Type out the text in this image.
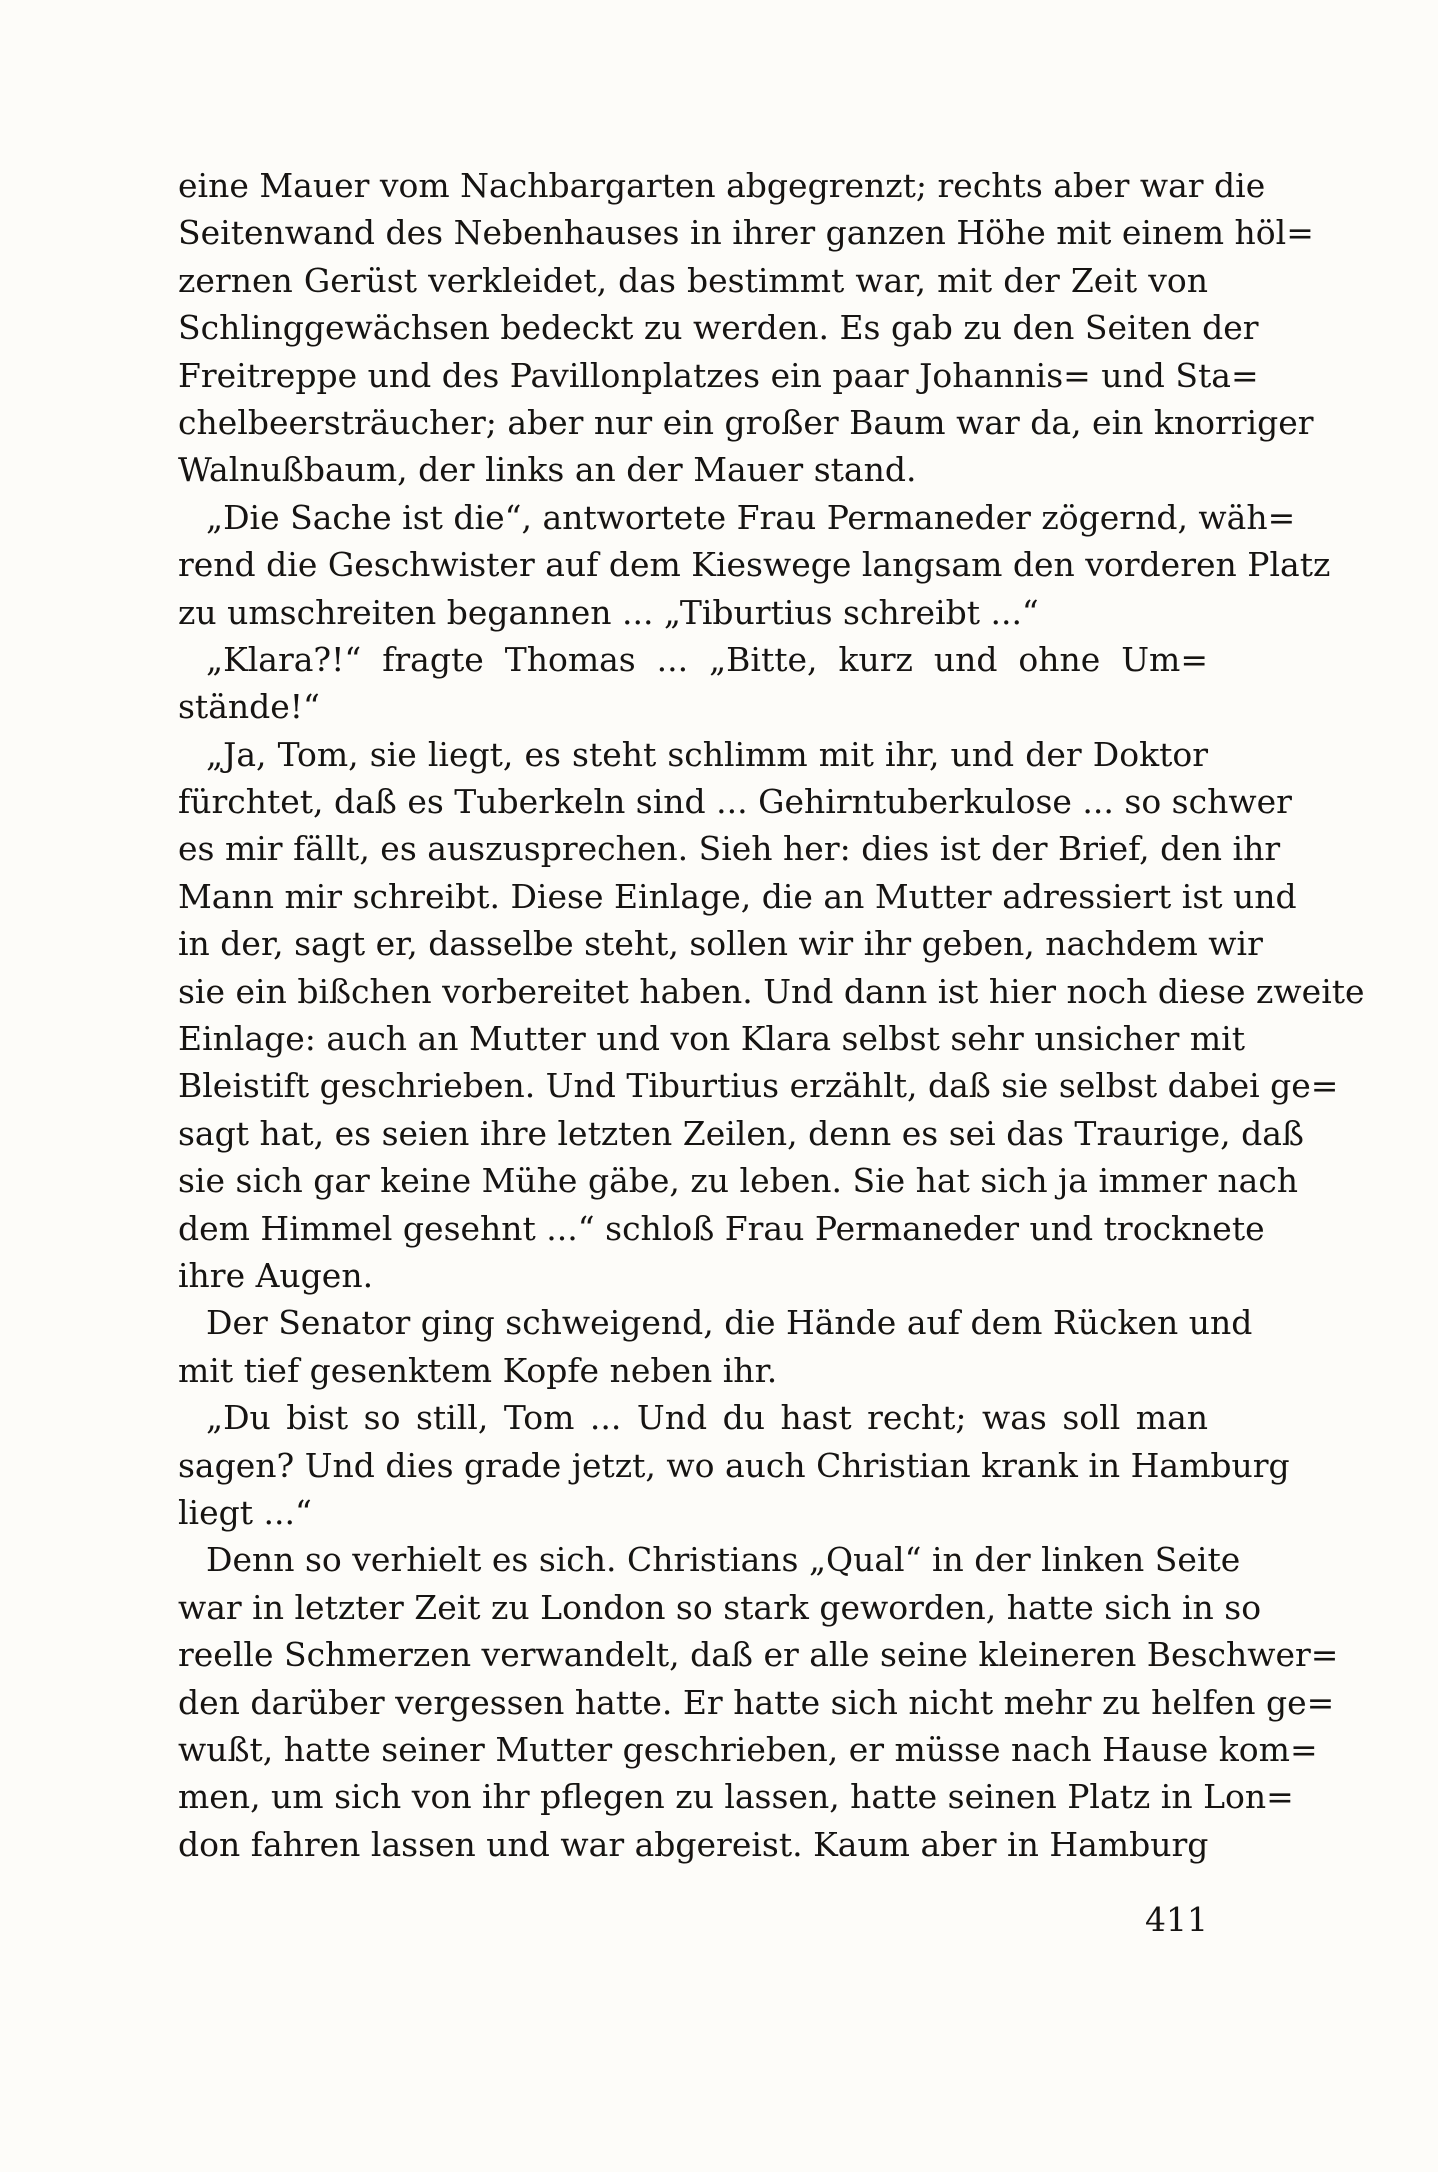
eine Mauer vom Nachbargarten abgegrenzt; rechts aber war die
Seitenwand des Nebenhauses in ihrer ganzen Höhe mit einem höl=
zernen Gerüst verkleidet, das bestimmt war, mit der Zeit von
Schlinggewächsen bedeckt zu werden. Es gab zu den Seiten der
Freitreppe und des Pavillonplatzes ein paar Johannis= und Sta=
chelbeersträucher; aber nur ein großer Baum war da, ein knorriger
Walnußbaum, der links an der Mauer stand.
„Die Sache ist die“, antwortete Frau Permaneder zögernd, wäh=
rend die Geschwister auf dem Kieswege langsam den vorderen Platz
zu umschreiten begannen ... „Tiburtius schreibt ...“
„Klara?!“ fragte Thomas ... „Bitte, kurz und ohne Um=
stände!“
„Ja, Tom, sie liegt, es steht schlimm mit ihr, und der Doktor
fürchtet, daß es Tuberkeln sind ... Gehirntuberkulose ... so schwer
es mir fällt, es auszusprechen. Sieh her: dies ist der Brief, den ihr
Mann mir schreibt. Diese Einlage, die an Mutter adressiert ist und
in der, sagt er, dasselbe steht, sollen wir ihr geben, nachdem wir
sie ein bißchen vorbereitet haben. Und dann ist hier noch diese zweite
Einlage: auch an Mutter und von Klara selbst sehr unsicher mit
Bleistift geschrieben. Und Tiburtius erzählt, daß sie selbst dabei ge=
sagt hat, es seien ihre letzten Zeilen, denn es sei das Traurige, daß
sie sich gar keine Mühe gäbe, zu leben. Sie hat sich ja immer nach
dem Himmel gesehnt ...“ schloß Frau Permaneder und trocknete
ihre Augen.
Der Senator ging schweigend, die Hände auf dem Rücken und
mit tief gesenktem Kopfe neben ihr.
„Du bist so still, Tom ... Und du hast recht; was soll man
sagen? Und dies grade jetzt, wo auch Christian krank in Hamburg
liegt ...“
Denn so verhielt es sich. Christians „Qual“ in der linken Seite
war in letzter Zeit zu London so stark geworden, hatte sich in so
reelle Schmerzen verwandelt, daß er alle seine kleineren Beschwer=
den darüber vergessen hatte. Er hatte sich nicht mehr zu helfen ge=
wußt, hatte seiner Mutter geschrieben, er müsse nach Hause kom=
men, um sich von ihr pflegen zu lassen, hatte seinen Platz in Lon=
don fahren lassen und war abgereist. Kaum aber in Hamburg
411
